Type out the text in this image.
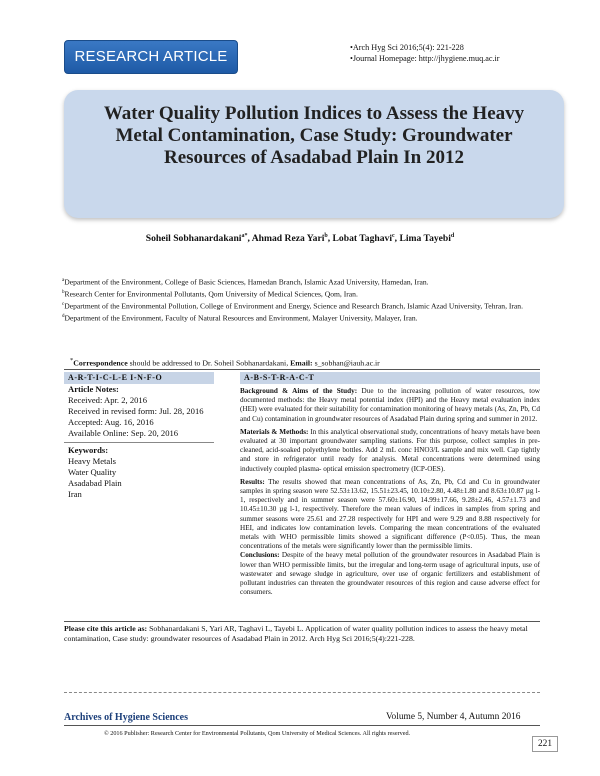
RESEARCH ARTICLE
•Arch Hyg Sci 2016;5(4): 221-228
•Journal Homepage: http://jhygiene.muq.ac.ir
Water Quality Pollution Indices to Assess the Heavy Metal Contamination, Case Study: Groundwater Resources of Asadabad Plain In 2012
Soheil Sobhanardakani$^{a*}$, Ahmad Reza Yari$^b$, Lobat Taghavi$^c$, Lima Tayebi$^d$
$^a$Department of the Environment, College of Basic Sciences, Hamedan Branch, Islamic Azad University, Hamedan, Iran.
$^b$Research Center for Environmental Pollutants, Qom University of Medical Sciences, Qom, Iran.
$^c$Department of the Environmental Pollution, College of Environment and Energy, Science and Research Branch, Islamic Azad University, Tehran, Iran.
$^d$Department of the Environment, Faculty of Natural Resources and Environment, Malayer University, Malayer, Iran.
*Correspondence should be addressed to Dr. Soheil Sobhanardakani, Email: s_sobhan@iauh.ac.ir
A-R-T-I-C-L-E I-N-F-O
Article Notes:
Received: Apr. 2, 2016
Received in revised form: Jul. 28, 2016
Accepted: Aug. 16, 2016
Available Online: Sep. 20, 2016
Keywords:
Heavy Metals
Water Quality
Asadabad Plain
Iran
A-B-S-T-R-A-C-T

Background & Aims of the Study: Due to the increasing pollution of water resources, tow documented methods: the Heavy metal potential index (HPI) and the Heavy metal evaluation index (HEI) were evaluated for their suitability for contamination monitoring of heavy metals (As, Zn, Pb, Cd and Cu) contamination in groundwater resources of Asadabad Plain during spring and summer in 2012.

Materials & Methods: In this analytical observational study, concentrations of heavy metals have been evaluated at 30 important groundwater sampling stations. For this purpose, collect samples in pre-cleaned, acid-soaked polyethylene bottles. Add 2 mL conc HNO3/L sample and mix well. Cap tightly and store in refrigerator until ready for analysis. Metal concentrations were determined using inductively coupled plasma- optical emission spectrometry (ICP-OES).

Results: The results showed that mean concentrations of As, Zn, Pb, Cd and Cu in groundwater samples in spring season were 52.53±13.62, 15.51±23.45, 10.10±2.80, 4.48±1.80 and 8.63±10.87 µg l-1, respectively and in summer season were 57.60±16.90, 14.99±17.66, 9.28±2.46, 4.57±1.73 and 10.45±10.30 µg l-1, respectively. Therefore the mean values of indices in samples from spring and summer seasons were 25.61 and 27.28 respectively for HPI and were 9.29 and 8.88 respectively for HEI, and indicates low contamination levels. Comparing the mean concentrations of the evaluated metals with WHO permissible limits showed a significant difference (P<0.05). Thus, the mean concentrations of the metals were significantly lower than the permissible limits.

Conclusions: Despite of the heavy metal pollution of the groundwater resources in Asadabad Plain is lower than WHO permissible limits, but the irregular and long-term usage of agricultural inputs, use of wastewater and sewage sludge in agriculture, over use of organic fertilizers and establishment of pollutant industries can threaten the groundwater resources of this region and cause adverse effect for consumers.

Please cite this article as: Sobhanardakani S, Yari AR, Taghavi L, Tayebi L. Application of water quality pollution indices to assess the heavy metal contamination, Case study: groundwater resources of Asadabad Plain in 2012. Arch Hyg Sci 2016;5(4):221-228.
Archives of Hygiene Sciences	Volume 5, Number 4, Autumn 2016
© 2016 Publisher: Research Center for Environmental Pollutants, Qom University of Medical Sciences. All rights reserved.
221
